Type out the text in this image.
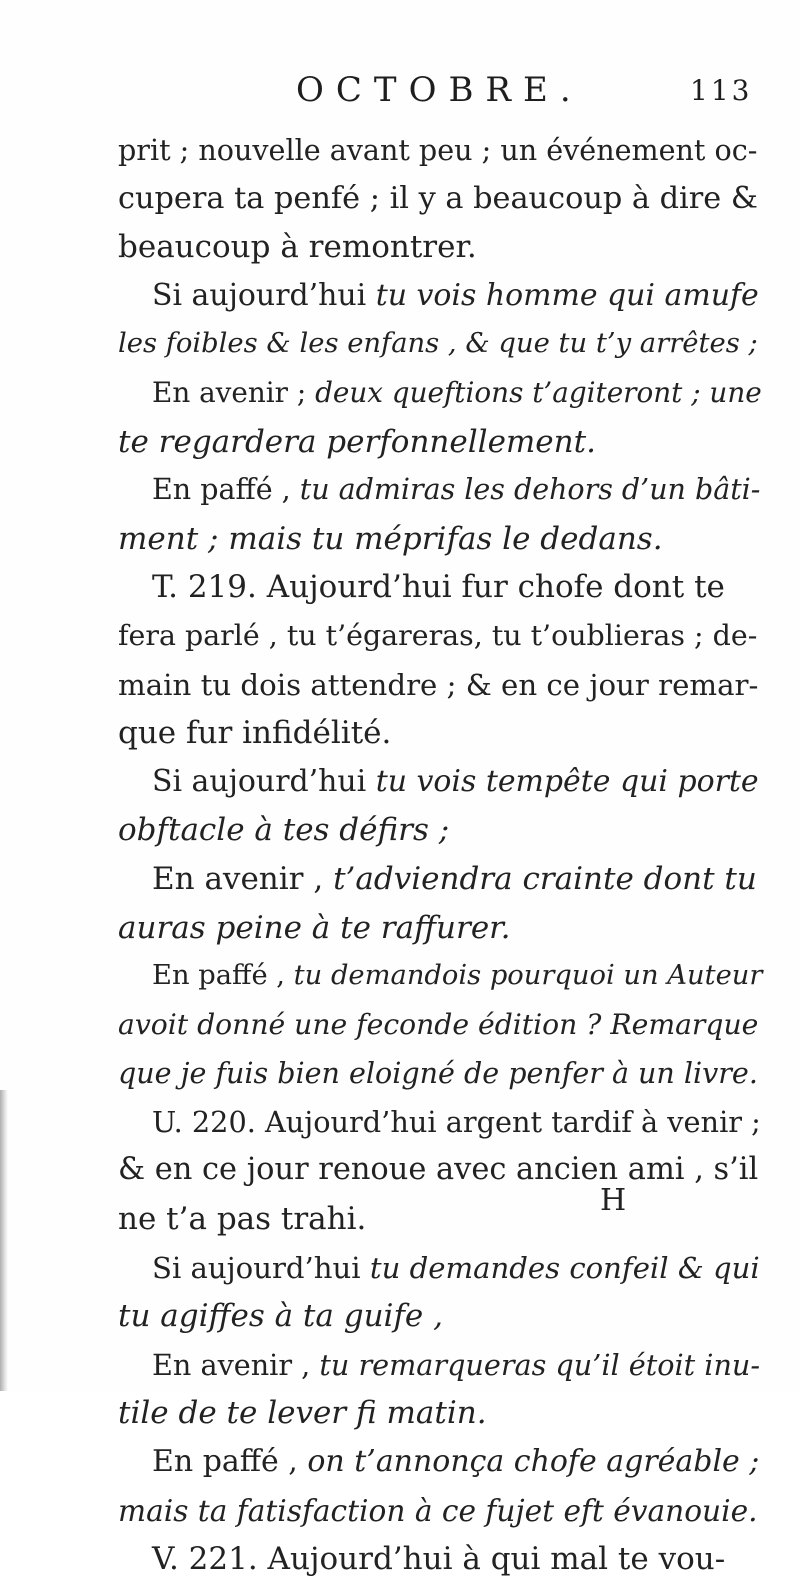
OCTOBRE.	113
prit ; nouvelle avant peu ; un événement oc-
cupera ta penfé ; il y a beaucoup à dire &
beaucoup à remontrer.
Si aujourd’hui tu vois homme qui amufe
les foibles & les enfans , & que tu t’y arrêtes ;
En avenir ; deux queftions t’agiteront ; une
te regardera perfonnellement.
En paffé , tu admiras les dehors d’un bâti-
ment ; mais tu méprifas le dedans.
T. 219. Aujourd’hui fur chofe dont te
fera parlé , tu t’égareras, tu t’oublieras ; de-
main tu dois attendre ; & en ce jour remar-
que fur infidélité.
Si aujourd’hui tu vois tempête qui porte
obftacle à tes défirs ;
En avenir , t’adviendra crainte dont tu
auras peine à te raffurer.
En paffé , tu demandois pourquoi un Auteur
avoit donné une feconde édition ? Remarque
que je fuis bien eloigné de penfer à un livre.
U. 220. Aujourd’hui argent tardif à venir ;
& en ce jour renoue avec ancien ami , s’il
ne t’a pas trahi.
Si aujourd’hui tu demandes confeil & qui
tu agiffes à ta guife ,
En avenir , tu remarqueras qu’il étoit inu-
tile de te lever fi matin.
En paffé , on t’annonça chofe agréable ;
mais ta fatisfaction à ce fujet eft évanouie.
V. 221. Aujourd’hui à qui mal te vou-
H
